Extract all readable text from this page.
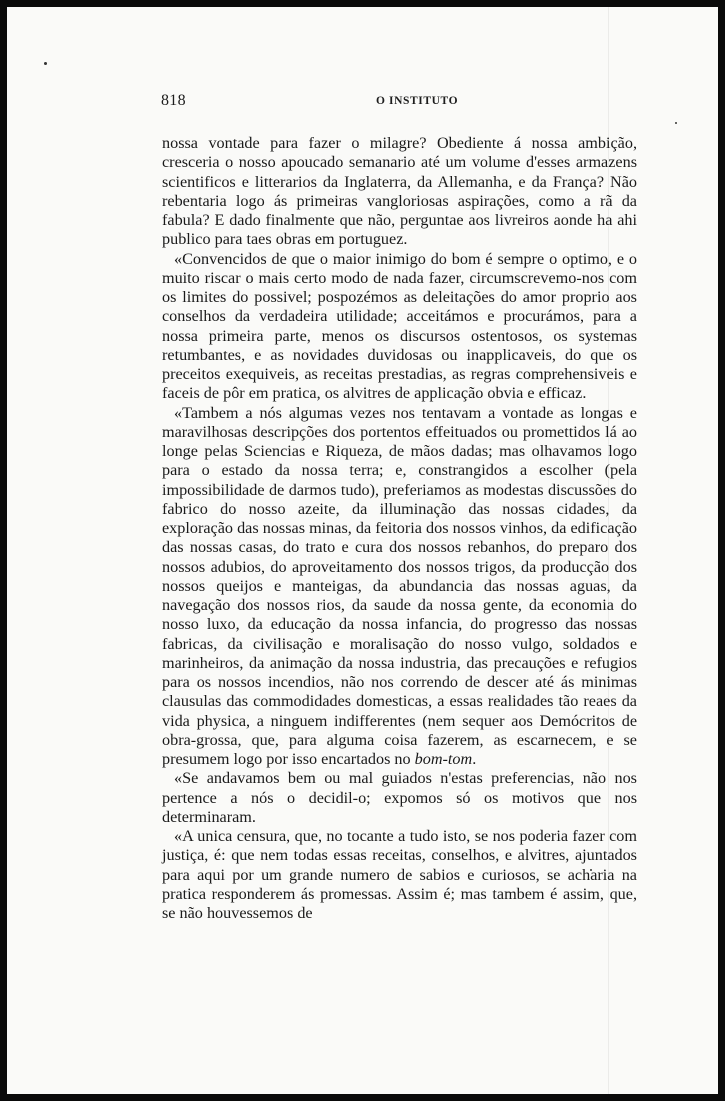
818	O INSTITUTO

nossa vontade para fazer o milagre? Obediente á nossa ambição, cresceria o nosso apoucado semanario até um volume d'esses armazens scientificos e litterarios da Inglaterra, da Allemanha, e da França? Não rebentaria logo ás primeiras vangloriosas aspirações, como a rã da fabula? E dado finalmente que não, perguntae aos livreiros aonde ha ahi publico para taes obras em portuguez.

«Convencidos de que o maior inimigo do bom é sempre o optimo, e o muito riscar o mais certo modo de nada fazer, circumscrevemo-nos com os limites do possivel; pospozémos as deleitações do amor proprio aos conselhos da verdadeira utilidade; acceitámos e procurámos, para a nossa primeira parte, menos os discursos ostentosos, os systemas retumbantes, e as novidades duvidosas ou inapplicaveis, do que os preceitos exequiveis, as receitas prestadias, as regras comprehensiveis e faceis de pôr em pratica, os alvitres de applicação obvia e efficaz.

«Tambem a nós algumas vezes nos tentavam a vontade as longas e maravilhosas descripções dos portentos effeituados ou promettidos lá ao longe pelas Sciencias e Riqueza, de mãos dadas; mas olhavamos logo para o estado da nossa terra; e, constrangidos a escolher (pela impossibilidade de darmos tudo), preferiamos as modestas discussões do fabrico do nosso azeite, da illuminação das nossas cidades, da exploração das nossas minas, da feitoria dos nossos vinhos, da edificação das nossas casas, do trato e cura dos nossos rebanhos, do preparo dos nossos adubios, do aproveitamento dos nossos trigos, da producção dos nossos queijos e manteigas, da abundancia das nossas aguas, da navegação dos nossos rios, da saude da nossa gente, da economia do nosso luxo, da educação da nossa infancia, do progresso das nossas fabricas, da civilisação e moralisação do nosso vulgo, soldados e marinheiros, da animação da nossa industria, das precauções e refugios para os nossos incendios, não nos correndo de descer até ás minimas clausulas das commodidades domesticas, a essas realidades tão reaes da vida physica, a ninguem indifferentes (nem sequer aos Demócritos de obra-grossa, que, para alguma coisa fazerem, as escarnecem, e se presumem logo por isso encartados no bom-tom.

«Se andavamos bem ou mal guiados n'estas preferencias, não nos pertence a nós o decidil-o; expomos só os motivos que nos determinaram.

«A unica censura, que, no tocante a tudo isto, se nos poderia fazer com justiça, é: que nem todas essas receitas, conselhos, e alvitres, ajuntados para aqui por um grande numero de sabios e curiosos, se acharia na pratica responderem ás promessas. Assim é; mas tambem é assim, que, se não houvessemos de
